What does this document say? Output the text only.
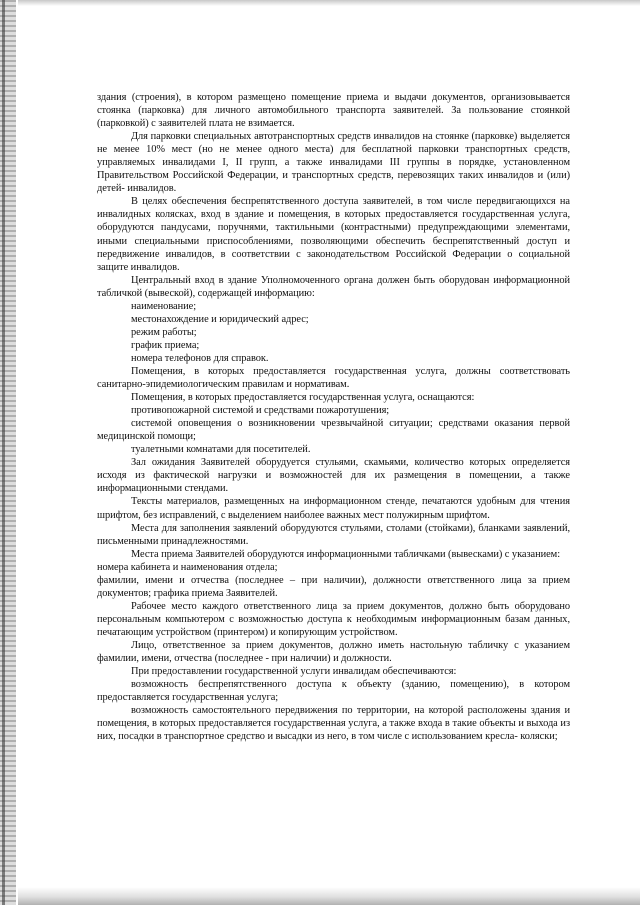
здания (строения), в котором размещено помещение приема и выдачи документов, организовывается стоянка (парковка) для личного автомобильного транспорта заявителей. За пользование стоянкой (парковкой) с заявителей плата не взимается.

Для парковки специальных автотранспортных средств инвалидов на стоянке (парковке) выделяется не менее 10% мест (но не менее одного места) для бесплатной парковки транспортных средств, управляемых инвалидами I, II групп, а также инвалидами III группы в порядке, установленном Правительством Российской Федерации, и транспортных средств, перевозящих таких инвалидов и (или) детей- инвалидов.

В целях обеспечения беспрепятственного доступа заявителей, в том числе передвигающихся на инвалидных колясках, вход в здание и помещения, в которых предоставляется государственная услуга, оборудуются пандусами, поручнями, тактильными (контрастными) предупреждающими элементами, иными специальными приспособлениями, позволяющими обеспечить беспрепятственный доступ и передвижение инвалидов, в соответствии с законодательством Российской Федерации о социальной защите инвалидов.

Центральный вход в здание Уполномоченного органа должен быть оборудован информационной табличкой (вывеской), содержащей информацию:

наименование;

местонахождение и юридический адрес;

режим работы;

график приема;

номера телефонов для справок.

Помещения, в которых предоставляется государственная услуга, должны соответствовать санитарно-эпидемиологическим правилам и нормативам.

Помещения, в которых предоставляется государственная услуга, оснащаются:

противопожарной системой и средствами пожаротушения;

системой оповещения о возникновении чрезвычайной ситуации; средствами оказания первой медицинской помощи;

туалетными комнатами для посетителей.

Зал ожидания Заявителей оборудуется стульями, скамьями, количество которых определяется исходя из фактической нагрузки и возможностей для их размещения в помещении, а также информационными стендами.

Тексты материалов, размещенных на информационном стенде, печатаются удобным для чтения шрифтом, без исправлений, с выделением наиболее важных мест полужирным шрифтом.

Места для заполнения заявлений оборудуются стульями, столами (стойками), бланками заявлений, письменными принадлежностями.

Места приема Заявителей оборудуются информационными табличками (вывесками) с указанием:

номера кабинета и наименования отдела;

фамилии, имени и отчества (последнее – при наличии), должности ответственного лица за прием документов; графика приема Заявителей.

Рабочее место каждого ответственного лица за прием документов, должно быть оборудовано персональным компьютером с возможностью доступа к необходимым информационным базам данных, печатающим устройством (принтером) и копирующим устройством.

Лицо, ответственное за прием документов, должно иметь настольную табличку с указанием фамилии, имени, отчества (последнее - при наличии) и должности.

При предоставлении государственной услуги инвалидам обеспечиваются:

возможность беспрепятственного доступа к объекту (зданию, помещению), в котором предоставляется государственная услуга;

возможность самостоятельного передвижения по территории, на которой расположены здания и помещения, в которых предоставляется государственная услуга, а также входа в такие объекты и выхода из них, посадки в транспортное средство и высадки из него, в том числе с использованием кресла- коляски;
